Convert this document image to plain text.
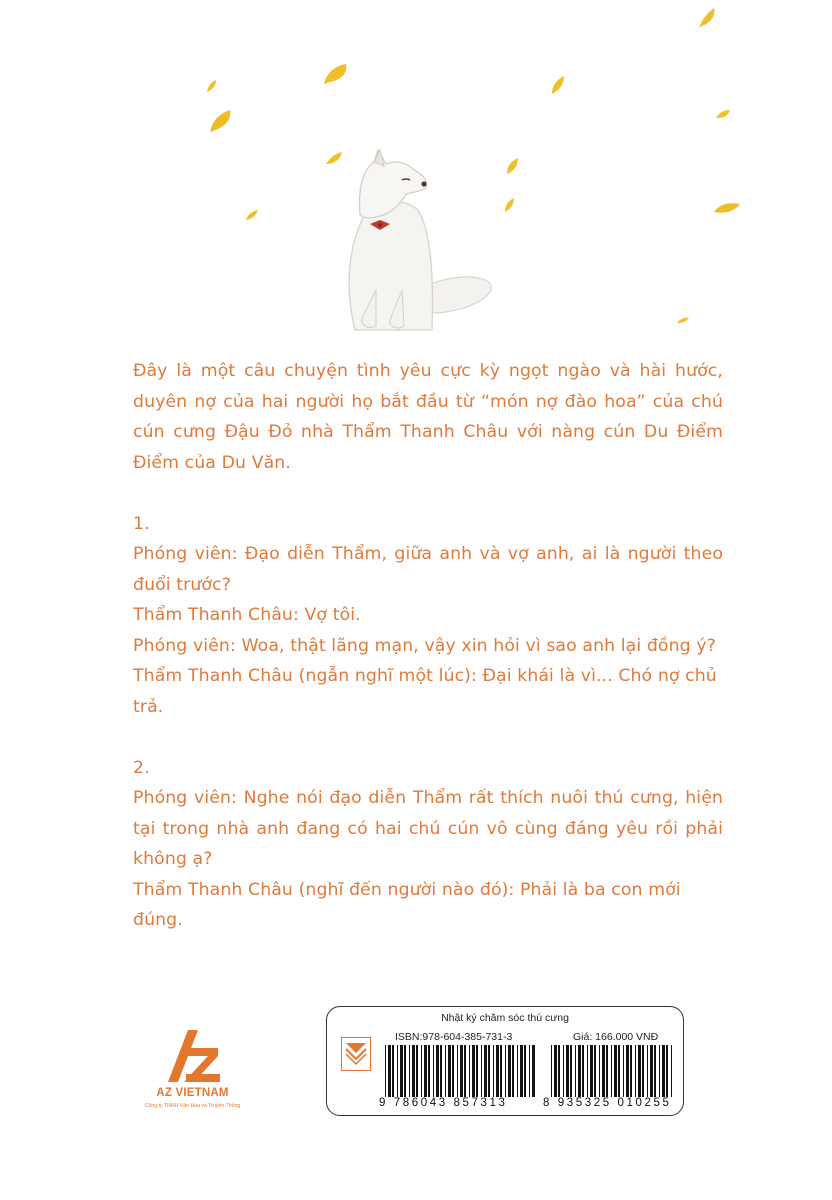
Đây là một câu chuyện tình yêu cực kỳ ngọt ngào và hài hước, duyên nợ của hai người họ bắt đầu từ “món nợ đào hoa” của chú cún cưng Đậu Đỏ nhà Thẩm Thanh Châu với nàng cún Du Điểm Điểm của Du Văn.

1.

Phóng viên: Đạo diễn Thẩm, giữa anh và vợ anh, ai là người theo đuổi trước?

Thẩm Thanh Châu: Vợ tôi.

Phóng viên: Woa, thật lãng mạn, vậy xin hỏi vì sao anh lại đồng ý?

Thẩm Thanh Châu (ngẫn nghĩ một lúc): Đại khái là vì... Chó nợ chủ trả.

2.

Phóng viên: Nghe nói đạo diễn Thẩm rất thích nuôi thú cưng, hiện tại trong nhà anh đang có hai chú cún vô cùng đáng yêu rồi phải không ạ?

Thẩm Thanh Châu (nghĩ đến người nào đó): Phải là ba con mới đúng.

AZ VIETNAM
Công ty TNHH Văn Hóa và Truyền Thông
Nhật ký chăm sóc thú cưng
ISBN:978-604-385-731-3	Giá: 166.000 VNĐ
9 786043 857313	8 935325 010255
